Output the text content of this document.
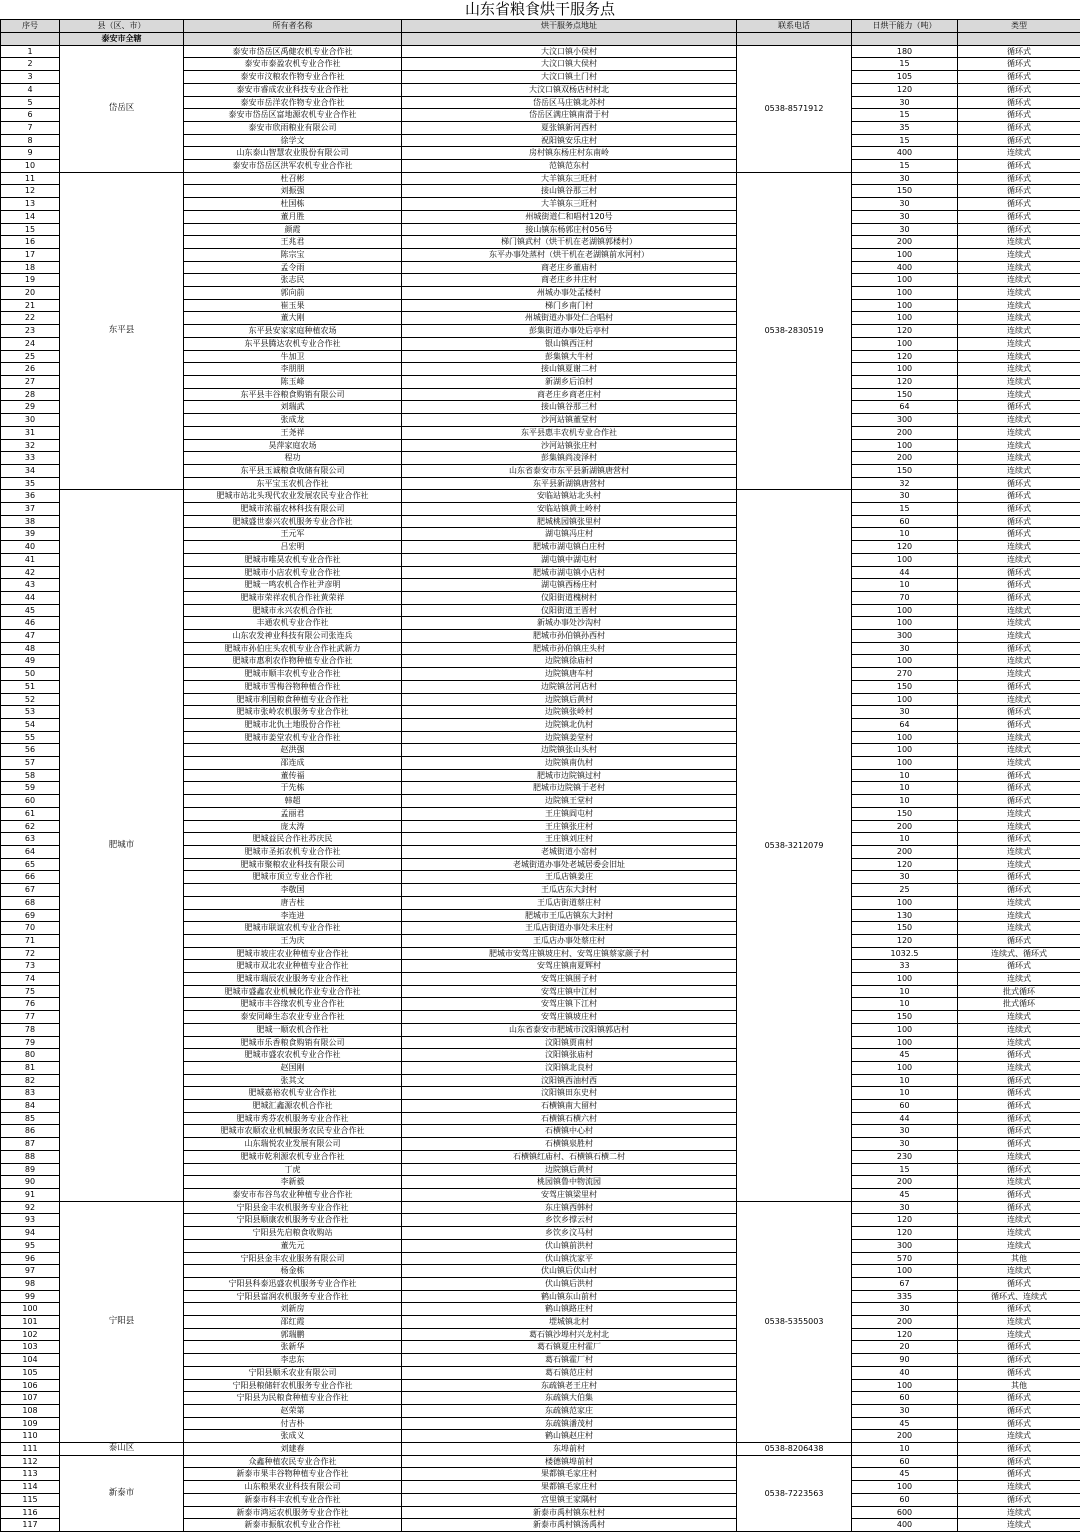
山东省粮食烘干服务点
序号	县（区、市）	所有者名称	烘干服务点地址	联系电话	日烘干能力（吨）	类型
	泰安市全辖					
1	岱岳区	泰安市岱岳区禹健农机专业合作社	大汶口镇小侯村	0538-8571912	180	循环式
2		泰安市泰盈农机专业合作社	大汶口镇大侯村		15	循环式
3		泰安市汶粮农作物专业合作社	大汶口镇土门村		105	循环式
4		泰安市睿成农业科技专业合作社	大汶口镇双杨店村村北		120	循环式
5		泰安市岳洋农作物专业合作社	岱岳区马庄镇北苏村		30	循环式
6		泰安市岱岳区富地源农机专业合作社	岱岳区满庄镇南滑于村		15	循环式
7		泰安市欣雨粮业有限公司	夏张镇新河西村		35	循环式
8		徐学文	祝阳镇安乐庄村		15	循环式
9		山东泰山智慧农业股份有限公司	房村镇东杨庄村东南岭		400	连续式
10		泰安市岱岳区洪军农机专业合作社	范镇范东村		15	循环式
11	东平县	杜召彬	大羊镇东三旺村	0538-2830519	30	循环式
12		刘振强	接山镇谷那三村		150	循环式
13		杜国栋	大羊镇东三旺村		30	循环式
14		董月胜	州城街道仁和唱村120号		30	循环式
15		颜霞	接山镇东杨郭庄村056号		30	循环式
16		王兆君	梯门镇武村（烘干机在老湖镇郭楼村）		200	连续式
17		陈宗宝	东平办事处蒸村（烘干机在老湖镇前水河村）		100	连续式
18		孟令雨	商老庄乡董庙村		400	连续式
19		张志民	商老庄乡井庄村		100	连续式
20		郭向前	州城办事处孟楼村		100	连续式
21		崔玉果	梯门乡南门村		100	连续式
22		董大刚	州城街道办事处仁合唱村		100	连续式
23		东平县安家家庭种植农场	彭集街道办事处后亭村		120	连续式
24		东平县腾达农机专业合作社	银山镇西汪村		100	连续式
25		牛加卫	彭集镇大牛村		120	连续式
26		李朋朋	接山镇夏谢二村		100	连续式
27		陈玉峰	新湖乡后泊村		120	连续式
28		东平县丰谷粮食购销有限公司	商老庄乡商老庄村		150	连续式
29		刘瑞武	接山镇谷那三村		64	循环式
30		张成龙	沙河站镇董堂村		300	连续式
31		王尧祥	东平县惠丰农机专业合作社		200	连续式
32		昊萍家庭农场	沙河站镇张庄村		100	连续式
33		程功	彭集镇尚凌泽村		200	连续式
34		东平县玉诚粮食收储有限公司	山东省泰安市东平县新湖镇唐营村		150	连续式
35		东平宝玉农机合作社	东平县新湖镇唐营村		32	循环式
36	肥城市	肥城市站北头现代农业发展农民专业合作社	安临站镇站北头村	0538-3212079	30	循环式
37		肥城市浓福农林科技有限公司	安临站镇黄土岭村		15	循环式
38		肥城盛世泰兴农机服务专业合作社	肥城桃园镇张里村		60	循环式
39		王元军	湖屯镇冯庄村		10	循环式
40		吕宏明	肥城市湖屯镇白庄村		120	连续式
41		肥城市唯昊农机专业合作社	湖屯镇中湖屯村		100	连续式
42		肥城市小店农机专业合作社	肥城市湖屯镇小店村		44	循环式
43		肥城一鸣农机合作社尹彦明	湖屯镇西杨庄村		10	循环式
44		肥城市荣祥农机合作社黄荣祥	仪阳街道槐树村		70	循环式
45		肥城市永兴农机合作社	仪阳街道王晋村		100	连续式
46		丰通农机专业合作社	新城办事处沙沟村		100	连续式
47		山东农发神业科技有限公司张连兵	肥城市孙伯镇孙西村		300	连续式
48		肥城市孙伯庄头农机专业合作社武新力	肥城市孙伯镇庄头村		30	循环式
49		肥城市惠利农作物种植专业合作社	边院镇徐庙村		100	连续式
50		肥城市顺丰农机专业合作社	边院镇唐车村		270	连续式
51		肥城市雪梅谷物种植合作社	边院镇岔河店村		150	循环式
52		肥城市利国粮食种植专业合作社	边院镇后黄村		100	连续式
53		肥城市张岭农机服务专业合作社	边院镇张岭村		30	循环式
54		肥城市北仇土地股份合作社	边院镇北仇村		64	循环式
55		肥城市姜堂农机专业合作社	边院镇姜堂村		100	连续式
56		赵洪强	边院镇张山头村		100	连续式
57		邵连成	边院镇南仇村		100	连续式
58		董传福	肥城市边院镇过村		10	循环式
59		于先栋	肥城市边院镇于老村		10	循环式
60		韩超	边院镇王堂村		10	循环式
61		孟丽君	王庄镇阎屯村		150	连续式
62		庞太涛	王庄镇张庄村		200	连续式
63		肥城益民合作社苏庆民	王庄镇刘庄村		10	循环式
64		肥城市圣拓农机专业合作社	老城街道小窑村		200	连续式
65		肥城市聚粮农业科技有限公司	老城街道办事处老城居委会旧址		120	连续式
66		肥城市顶立专业合作社	王瓜店镇姜庄		30	循环式
67		李敬国	王瓜店东大封村		25	循环式
68		唐吉柱	王瓜店街道蔡庄村		100	连续式
69		李连进	肥城市王瓜店镇东大封村		130	连续式
70		肥城市联谊农机专业合作社	王瓜店街道办事处未庄村		150	连续式
71		王为庆	王瓜店办事处蔡庄村		120	循环式
72		肥城市坡庄农业种植专业合作社	肥城市安驾庄镇坡庄村、安驾庄镇蔡家颜子村		1032.5	连续式、循环式
73		肥城市双北农业种植专业合作社	安驾庄镇南夏辉村		33	循环式
74		肥城市瑞辰农业服务专业合作社	安驾庄镇围子村		100	连续式
75		肥城市盛鑫农业机械化作业专业合作社	安驾庄镇中江村		10	批式循环
76		肥城市丰谷缘农机专业合作社	安驾庄镇下江村		10	批式循环
77		泰安同峰生态农业专业合作社	安驾庄镇坡庄村		150	连续式
78		肥城一顺农机合作社	山东省泰安市肥城市汶阳镇郭店村		100	连续式
79		肥城市乐香粮食购销有限公司	汶阳镇贾南村		100	连续式
80		肥城市盛农农机专业合作社	汶阳镇张庙村		45	循环式
81		赵国刚	汶阳镇北良村		100	连续式
82		张其文	汶阳镇西油村西		10	循环式
83		肥城嘉裕农机专业合作社	汶阳镇田东史村		10	循环式
84		肥城汇鑫源农机合作社	石横镇南大留村		60	循环式
85		肥城市秀芬农机服务专业合作社	石横镇石横六村		44	循环式
86		肥城市农顺农业机械服务农民专业合作社	石横镇中心村		30	循环式
87		山东瑞悦农业发展有限公司	石横镇泉胜村		30	循环式
88		肥城市乾利源农机专业合作社	石横镇红庙村、石横镇石横二村		230	连续式
89		丁虎	边院镇后黄村		15	循环式
90		李新毅	桃园镇鲁中物流园		200	连续式
91		泰安市布谷鸟农业种植专业合作社	安驾庄镇梁里村		45	循环式
92	宁阳县	宁阳县金丰农机服务专业合作社	东庄镇西韩村	0538-5355003	30	循环式
93		宁阳县顺康农机服务专业合作社	乡饮乡撑云村		120	连续式
94		宁阳县先启粮食收购站	乡饮乡汶马村		120	连续式
95		董先元	伏山镇前洪村		300	连续式
96		宁阳县金丰农业服务有限公司	伏山镇沈家平		570	其他
97		杨金栋	伏山镇后伏山村		100	连续式
98		宁阳县科泰迅盛农机服务专业合作社	伏山镇后洪村		67	循环式
99		宁阳县富润农机服务专业合作社	鹤山镇东山前村		335	循环式、连续式
100		刘新房	鹤山镇路庄村		30	循环式
101		邵红霞	堽城镇北村		200	连续式
102		郭瑞鹏	葛石镇沙埠村兴龙村北		120	连续式
103		张新华	葛石镇夏庄村霍厂		20	循环式
104		李忠东	葛石镇霍厂村		90	循环式
105		宁阳县顺禾农业有限公司	葛石镇范庄村		40	循环式
106		宁阳县粮储轩农机服务专业合作社	东疏镇老王庄村		100	其他
107		宁阳县为民粮食种植专业合作社	东疏镇大伯集		60	循环式
108		赵荣第	东疏镇范家庄		30	循环式
109		付吉朴	东疏镇潘茂村		45	循环式
110		张成义	鹤山镇赵庄村		200	连续式
111	泰山区	刘建春	东埠前村	0538-8206438	10	循环式
112	新泰市	众鑫种植农民专业合作社	楼德镇埠前村	0538-7223563	60	循环式
113		新泰市果丰谷物种植专业合作社	果都镇毛家庄村		45	循环式
114		山东粮果农业科技有限公司	果都镇毛家庄村		100	连续式
115		新泰市科丰农机专业合作社	宫里镇王家隅村		60	循环式
116		新泰市鸿运农机服务专业合作社	新泰市禹村镇东杜村		600	连续式
117		新泰市振航农机专业合作社	新泰市禹村镇汤禹村		400	连续式
